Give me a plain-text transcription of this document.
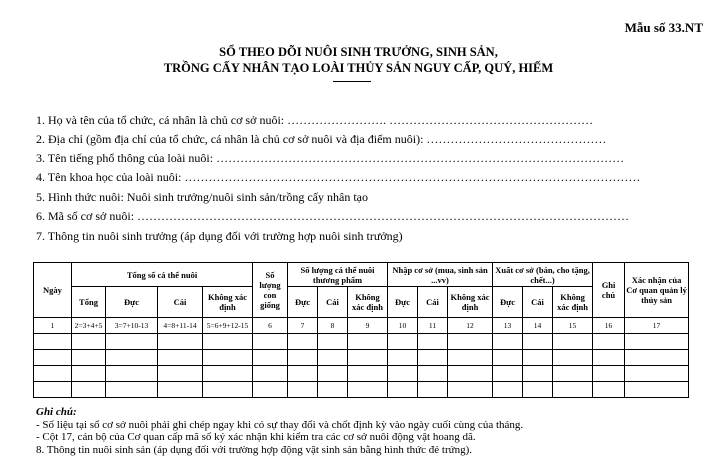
Mẫu số 33.NT
SỔ THEO DÕI NUÔI SINH TRƯỞNG, SINH SẢN,
TRỒNG CẤY NHÂN TẠO LOÀI THỦY SẢN NGUY CẤP, QUÝ, HIẾM
1. Họ và tên của tổ chức, cá nhân là chủ cơ sở nuôi: ……………………. ……………………………………………
2. Địa chỉ (gồm địa chỉ của tổ chức, cá nhân là chủ cơ sở nuôi và địa điểm nuôi): ………………………………………
3. Tên tiếng phổ thông của loài nuôi: …………………………………………………………………………………………
4. Tên khoa học của loài nuôi: ……………………………………………………………………………………………………
5. Hình thức nuôi: Nuôi sinh trưởng/nuôi sinh sản/trồng cấy nhân tạo
6. Mã số cơ sở nuôi: ……………………………………………………………………………………………………………
7. Thông tin nuôi sinh trưởng (áp dụng đối với trường hợp nuôi sinh trưởng)
Ngày	Tổng số cá thể nuôi				Số lượng con giống	Số lượng cá thể nuôi thương phẩm			Nhập cơ sở (mua, sinh sản ...vv)			Xuất cơ sở (bán, cho tặng, chết...)			Ghi chú	Xác nhận của Cơ quan quản lý thủy sản
	Tổng	Đực	Cái	Không xác định		Đực	Cái	Không xác định	Đực	Cái	Không xác định	Đực	Cái	Không xác định		
1	2=3+4+5	3=7+10-13	4=8+11-14	5=6+9+12-15	6	7	8	9	10	11	12	13	14	15	16	17

Ghi chú:
- Số liệu tại sổ cơ sở nuôi phải ghi chép ngay khi có sự thay đổi và chốt định kỳ vào ngày cuối cùng của tháng.
- Cột 17, cán bộ của Cơ quan cấp mã số ký xác nhận khi kiểm tra các cơ sở nuôi động vật hoang dã.
8. Thông tin nuôi sinh sản (áp dụng đối với trường hợp động vật sinh sản bằng hình thức đẻ trứng).
